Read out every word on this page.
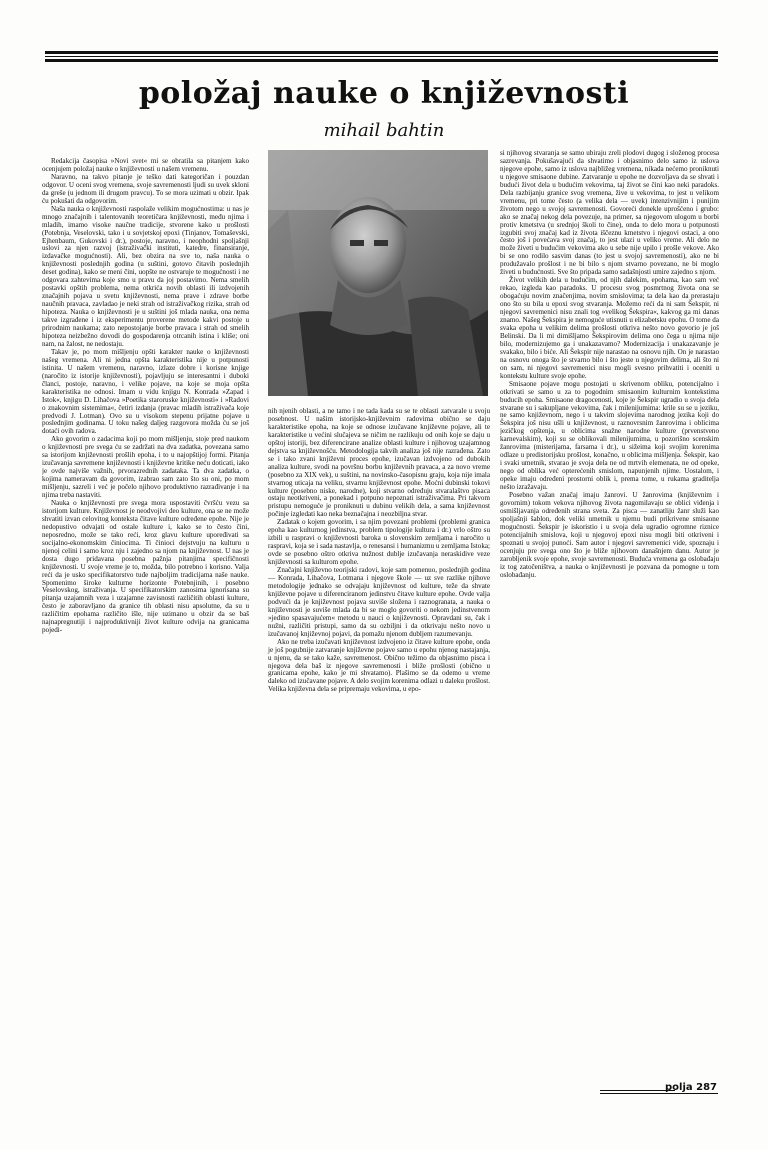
položaj nauke o književnosti
mihail bahtin

Redakcija časopisa »Novi svet« mi se obratila sa pitanjem kako ocenjujem položaj nauke o književnosti u našem vremenu.

Naravno, na takvo pitanje je teško dati kategoričan i pouzdan odgovor. U oceni svog vremena, svoje savremenosti ljudi su uvek skloni da greše (u jednom ili drugom pravcu). To se mora uzimati u obzir. Ipak ću pokušati da odgovorim.

Naša nauka o književnosti raspolaže velikim mogućnostima: u nas je mnogo značajnih i talentovanih teoretičara književnosti, među njima i mladih, imamo visoke naučne tradicije, stvorene kako u prošlosti (Potebnja, Veselovski, tako i u sovjetskoj epoxi (Tinjanov, Tomaševski, Ejhenbaum, Gukovski i dr.), postoje, naravno, i neophodni spoljašnji uslovi za njen razvoj (istraživački instituti, katedre, finansiranje, izdavačke mogućnosti). Ali, bez obzira na sve to, naša nauka o književnosti poslednjih godina (u suštini, gotovo čitavih poslednjih deset godina), kako se meni čini, uopšte ne ostvaruje te mogućnosti i ne odgovara zahtevima koje smo u pravu da joj postavimo. Nema smelih postavki opštih problema, nema otkrića novih oblasti ili izdvojenih značajnih pojava u svetu književnosti, nema prave i zdrave borbe naučnih pravaca, zavladao je neki strah od istraživačkog rizika, strah od hipoteza. Nauka o književnosti je u suštini još mlada nauka, ona nema takve izgrađene i iz eksperimentu proverene metode kakvi postoje u prirodnim naukama; zato nepostojanje borbe pravaca i strah od smelih hipoteza neizbežno dovodi do gospodarenja otrcanih istina i kliše; oni nam, na žalost, ne nedostaju.

Takav je, po mom mišljenju opšti karakter nauke o književnosti našeg vremena. Ali ni jedna opšta karakteristika nije u potpunosti istinita. U našem vremenu, naravno, izlaze dobre i korisne knjige (naročito iz istorije književnosti), pojavljuju se interesantni i duboki članci, postoje, naravno, i velike pojave, na koje se moja opšta karakteristika ne odnosi. Imam u vidu knjigu N. Konrada »Zapad i Istok«, knjigu D. Lihačova »Poetika staroruske književnosti« i »Radovi o znakovnim sistemima«, četiri izdanja (pravac mladih istraživača koje predvodi J. Lotman). Ovo su u visokom stepenu prijatne pojave u poslednjim godinama. U toku našeg daljeg razgovora možda ću se još dotaći ovih radova.

Ako govorim o zadacima koji po mom mišljenju, stoje pred naukom o književnosti pre svega ću se zadržati na dva zadatka, povezana samo sa istorijom književnosti prošlih epoha, i to u najopštijoj formi. Pitanja izučavanja savremene književnosti i književne kritike neću doticati, iako je ovde najviše važnih, prvorazrednih zadataka. Ta dva zadatka, o kojima nameravam da govorim, izabrao sam zato što su oni, po mom mišljenju, sazreli i već je počelo njihovo produktivno razrađivanje i na njima treba nastaviti.

Nauka o književnosti pre svega mora uspostaviti čvršću vezu sa istorijom kulture. Književnost je neodvojivi deo kulture, ona se ne može shvatiti izvan celovitog konteksta čitave kulture određene epohe. Nije je nedopustivo odvajati od ostale kulture i, kako se to često čini, neposredno, može se tako reći, kroz glavu kulture upoređivati sa socijalno-ekonomskim činiocima. Ti činioci dejstvuju na kulturu u njenoj celini i samo kroz nju i zajedno sa njom na književnost. U nas je dosta dugo pridavana posebna pažnja pitanjima specifičnosti književnosti. U svoje vreme je to, možda, bilo potrebno i korisno. Valja reći da je usko specifikatorstvo tuđe najboljim tradicijama naše nauke. Spomenimo široke kulturne horizonte Potebnjinih, i posebno Veselovskog, istraživanja. U specifikatorskim zanosima ignorisana su pitanja uzajamnih veza i uzajamne zavisnosti različitih oblasti kulture, često je zaboravljano da granice tih oblasti nisu apsolutne, da su u različitim epohama različito išle, nije uzimano u obzir da se baš najnapregnutiji i najproduktivniji život kulture odvija na granicama pojedi-

nih njenih oblasti, a ne tamo i ne tada kada su se te oblasti zatvarale u svoju posebnost. U našim istorijsko-književnim radovima obično se daju karakteristike epoha, na koje se odnose izučavane književne pojave, ali te karakteristike u većini slučajeva se ničim ne razlikuju od onih koje se daju u opštoj istoriji, bez diferencirane analize oblasti kulture i njihovog uzajamnog dejstva sa književnošću. Metodologija takvih analiza još nije razrađena. Zato se i tako zvani književni proces epohe, izučavan izdvojeno od dubokih analiza kulture, svodi na površnu borbu književnih pravaca, a za novo vreme (posebno za XIX vek), u suštini, na novinsko-časopisnu graju, koja nije imala stvarnog uticaja na veliku, stvarnu književnost epohe. Moćni dubinski tokovi kulture (posebno niske, narodne), koji stvarno određuju stvaralaštvo pisaca ostaju neotkriveni, a ponekad i potpuno nepoznati istraživačima. Pri takvom pristupu nemoguće je proniknuti u dubinu velikih dela, a sama književnost počinje izgledati kao neka beznačajna i neozbiljna stvar.

Zadatak o kojem govorim, i sa njim povezani problemi (problemi granica epoha kao kulturnog jedinstva, problem tipologije kultura i dr.) vrlo oštro su izbili u raspravi o književnosti baroka u slovenskim zemljama i naročito u raspravi, koja se i sada nastavlja, o renesansi i humanizmu u zemljama Istoka; ovde se posebno oštro otkriva nužnost dublje izučavanja neraskidive veze književnosti sa kulturom epohe.

Značajni književno teorijski radovi, koje sam pomenuo, poslednjih godina — Konrada, Lihačova, Lotmana i njegove škole — uz sve razlike njihove metodologije jednako se odvajaju književnost od kulture, teže da shvate književne pojave u diferenciranom jedinstvu čitave kulture epohe. Ovde valja podvući da je književnost pojava suviše složena i raznogranata, a nauka o književnosti je suviše mlada da bi se moglo govoriti o nekom jedinstvenom »jedino spasavajućem« metodu u nauci o književnosti. Opravdani su, čak i nužni, različiti pristupi, samo da su ozbiljni i da otkrivaju nešto novo u izučavanoj književnoj pojavi, da pomažu njenom dubljem razumevanju.

Ako ne treba izučavati književnost izdvojeno iz čitave kulture epohe, onda je još pogubnije zatvaranje književne pojave samo u epohu njenog nastajanja, u njenu, da se tako kaže, savremenost. Obično težimo da objasnimo pisca i njegova dela baš iz njegove savremenosti i bliže prošlosti (obično u granicama epohe, kako je mi shvatamo). Plašimo se da odemo u vreme daleko od izučavane pojave. A delo svojim korenima odlazi u daleku prošlost. Velika književna dela se pripremaju vekovima, u epo-

si njihovog stvaranja se samo ubiraju zreli plodovi dugog i složenog procesa sazrevanja. Pokušavajući da shvatimo i objasnimo delo samo iz uslova njegove epohe, samo iz uslova najbližeg vremena, nikada nećemo proniknuti u njegove smisaone dubine. Zatvaranje u epohe ne dozvoljava da se shvati i budući život dela u budućim vekovima, taj život se čini kao neki paradoks. Dela razbijanju granice svog vremena, žive u vekovima, to jest u velikom vremenu, pri tome često (a velika dela — uvek) intenzivnijim i punijim životom nego u svojoj savremenosti. Govoreći donekle uprošćeno i grubo: ako se značaj nekog dela povezuje, na primer, sa njegovom ulogom u borbi protiv kmetstva (u srednjoj školi to čine), onda to delo mora u potpunosti izgubiti svoj značaj kad iz života iščeznu kmetstvo i njegovi ostaci, a ono često još i povećava svoj značaj, to jest ulazi u veliko vreme. Ali delo ne može živeti u budućim vekovima ako u sebe nije upilo i prošle vekove. Ako bi se ono rodilo sasvim danas (to jest u svojoj savremenosti), ako ne bi produžavalo prošlost i ne bi bilo s njom stvarno povezano, ne bi moglo živeti u budućnosti. Sve što pripada samo sadašnjosti umire zajedno s njom.

Život velikih dela u budućim, od njih dalekim, epohama, kao sam već rekao, izgleda kao paradoks. U procesu svog posmrtnog života ona se obogaćuju novim značenjima, novim smislovima; ta dela kao da prerastaju ono što su bila u epoxi svog stvaranja. Možemo reći da ni sam Šekspir, ni njegovi savremenici nisu znali tog »velikog Šekspira«, kakvog ga mi danas znamo. Našeg Šekspira je nemoguće utisnuti u elizabetsku epohu. O tome da svaka epoha u velikim delima prošlosti otkriva nešto novo govorio je još Belinski. Da li mi dimišljamo Šekspirovim delima ono čega u njima nije bilo, modernizujemo ga i unakazavamo? Modernizacija i unakazavanje je svakako, bilo i biće. Ali Šekspir nije narastao na osnovu njih. On je narastao na osnovu onoga što je stvarno bilo i što jeste u njegovim delima, ali što ni on sam, ni njegovi savremenici nisu mogli svesno prihvatiti i oceniti u kontekstu kulture svoje epohe.

Smisaone pojave mogu postojati u skrivenom obliku, potencijalno i otkrivati se samo u za to pogodnim smisaonim kulturnim kontekstima buducih epoha. Smisaone dragocenosti, koje je Šekspir ugradio u svoja dela stvarane su i sakupljane vekovima, čak i milenijumima: krile su se u jeziku, ne samo književnom, nego i u takvim slojevima narodnog jezika koji do Šekspira još nisu ušli u književnost, u raznovrsnim žanrovima i oblicima jezičkog opštenja, u oblicima snažne narodne kulture (prvenstveno karnevalskim), koji su se oblikovali milenijumima, u pozorišno scenskim žanrovima (misterijama, farsama i dr.), u sižeima koji svojim korenima odlaze u predistorijsku prošlost, konačno, u oblicima mišljenja. Šekspir, kao i svaki umetnik, stvarao je svoja dela ne od mrtvih elemenata, ne od opeke, nego od oblika već opterećenih smislom, napunjenih njime. Uostalom, i opeke imaju određeni prostorni oblik i, prema tome, u rukama graditelja nešto izražavaju.

Posebno važan značaj imaju žanrovi. U žanrovima (književnim i govornim) tokom vekova njihovog života nagomilavaju se oblici viđenja i osmišljavanja određenih strana sveta. Za pisca — zanatliju žanr služi kao spoljašnji šablon, dok veliki umetnik u njemu budi prikrivene smisaone mogućnosti. Šekspir je iskoristio i u svoja dela ugradio ogromne riznice potencijalnih smislova, koji u njegovoj epoxi nisu mogli biti otkriveni i spoznati u svojoj punoći. Sam autor i njegovi savremenici vide, spoznaju i ocenjuju pre svega ono što je bliže njihovom današnjem danu. Autor je zarobljenik svoje epohe, svoje savremenosti. Buduća vremena ga oslobađaju iz tog zatočeništva, a nauka o književnosti je pozvana da pomogne u tom oslobađanju.

polja 287
